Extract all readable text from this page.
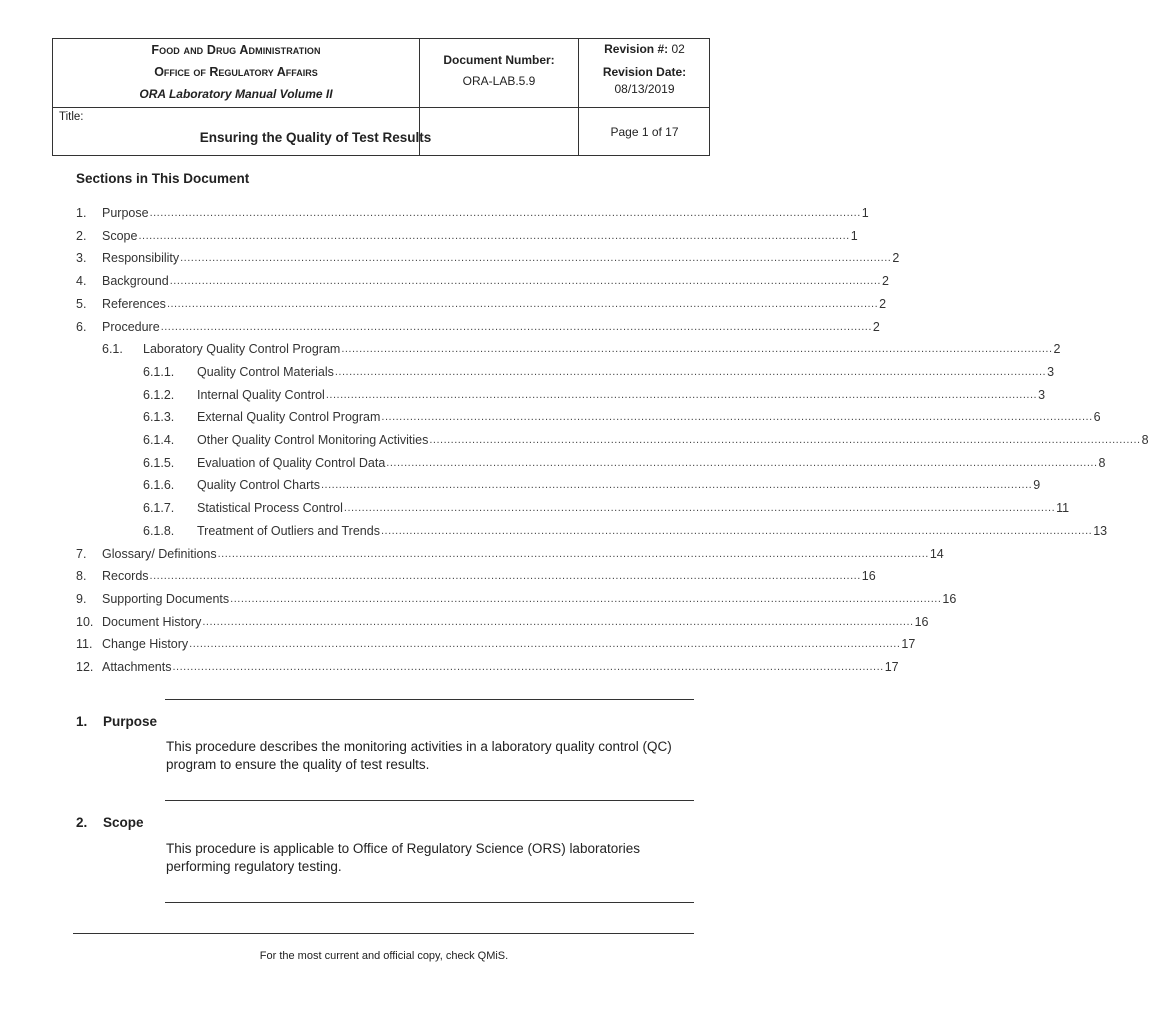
Food and Drug Administration
Office of Regulatory Affairs
ORA Laboratory Manual Volume II
Document Number:
ORA-LAB.5.9
Revision #: 02
Revision Date:
08/13/2019
Title:
Ensuring the Quality of Test Results	Page 1 of 17
Sections in This Document
1. Purpose ........................................................................................................................................................................................................ 1
2. Scope ........................................................................................................................................................................................................ 1
3. Responsibility ........................................................................................................................................................................................................ 2
4. Background ........................................................................................................................................................................................................ 2
5. References ........................................................................................................................................................................................................ 2
6. Procedure ........................................................................................................................................................................................................ 2
6.1. Laboratory Quality Control Program ........................................................................................................................................................................................................ 2
6.1.1. Quality Control Materials ........................................................................................................................................................................................................ 3
6.1.2. Internal Quality Control ........................................................................................................................................................................................................ 3
6.1.3. External Quality Control Program ........................................................................................................................................................................................................ 6
6.1.4. Other Quality Control Monitoring Activities ........................................................................................................................................................................................................ 8
6.1.5. Evaluation of Quality Control Data ........................................................................................................................................................................................................ 8
6.1.6. Quality Control Charts ........................................................................................................................................................................................................ 9
6.1.7. Statistical Process Control ........................................................................................................................................................................................................ 11
6.1.8. Treatment of Outliers and Trends ........................................................................................................................................................................................................ 13
7. Glossary/ Definitions ........................................................................................................................................................................................................ 14
8. Records ........................................................................................................................................................................................................ 16
9. Supporting Documents ........................................................................................................................................................................................................ 16
10. Document History ........................................................................................................................................................................................................ 16
11. Change History ........................................................................................................................................................................................................ 17
12. Attachments ........................................................................................................................................................................................................ 17
1. Purpose
This procedure describes the monitoring activities in a laboratory quality control (QC) program to ensure the quality of test results.
2. Scope
This procedure is applicable to Office of Regulatory Science (ORS) laboratories performing regulatory testing.
For the most current and official copy, check QMiS.
